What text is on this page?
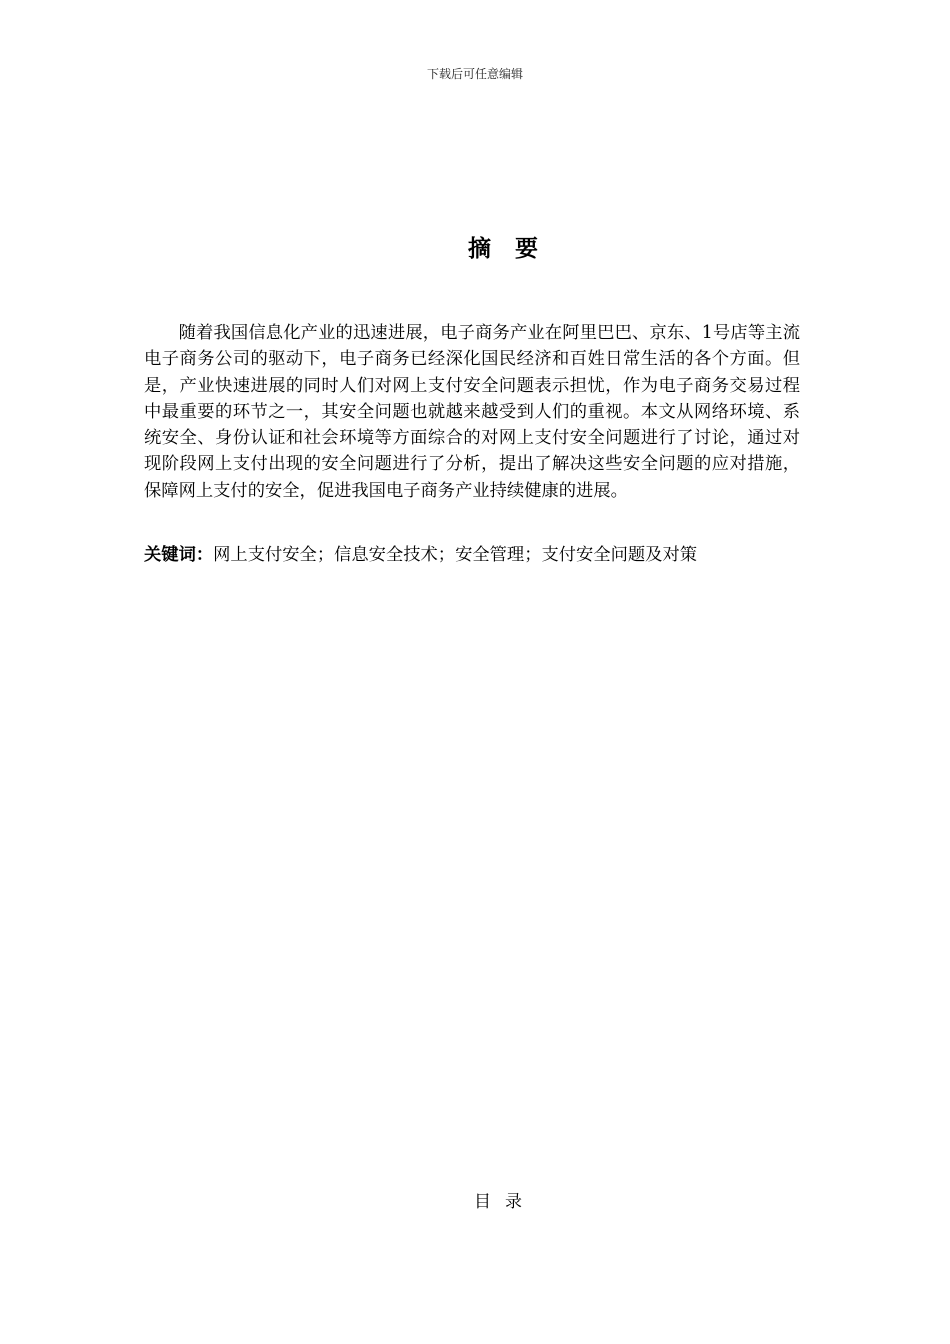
下载后可任意编辑
摘要

随着我国信息化产业的迅速进展，电子商务产业在阿里巴巴、京东、1号店等主流电子商务公司的驱动下，电子商务已经深化国民经济和百姓日常生活的各个方面。但是，产业快速进展的同时人们对网上支付安全问题表示担忧，作为电子商务交易过程中最重要的环节之一，其安全问题也就越来越受到人们的重视。本文从网络环境、系统安全、身份认证和社会环境等方面综合的对网上支付安全问题进行了讨论，通过对现阶段网上支付出现的安全问题进行了分析，提出了解决这些安全问题的应对措施，保障网上支付的安全，促进我国电子商务产业持续健康的进展。

关键词：网上支付安全；信息安全技术；安全管理；支付安全问题及对策
目录
